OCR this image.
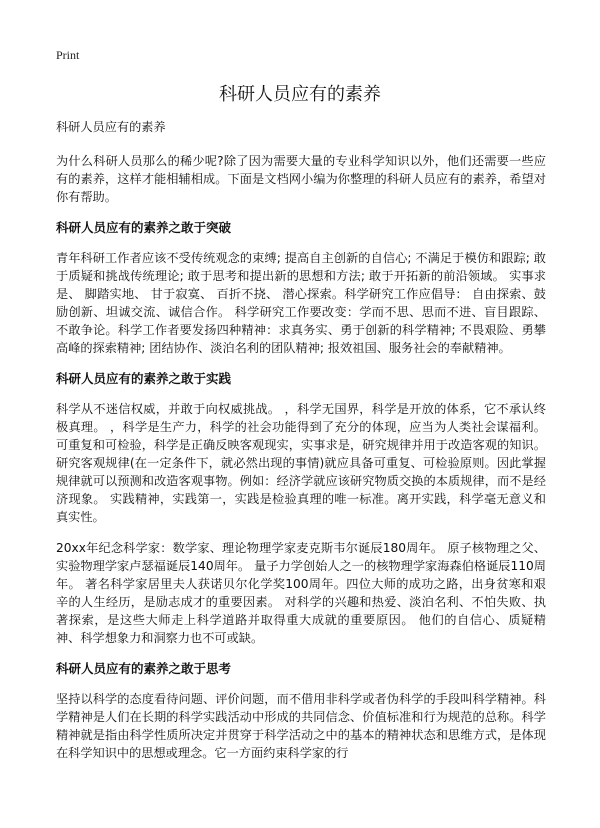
Print
科研人员应有的素养

科研人员应有的素养

为什么科研人员那么的稀少呢?除了因为需要大量的专业科学知识以外，他们还需要一些应有的素养，这样才能相辅相成。下面是文档网小编为你整理的科研人员应有的素养，希望对你有帮助。

科研人员应有的素养之敢于突破

青年科研工作者应该不受传统观念的束缚; 提高自主创新的自信心; 不满足于模仿和跟踪; 敢于质疑和挑战传统理论; 敢于思考和提出新的思想和方法; 敢于开拓新的前沿领域。 实事求是、 脚踏实地、 甘于寂寞、 百折不挠、 潜心探索。科学研究工作应倡导： 自由探索、鼓励创新、坦诚交流、诚信合作。 科学研究工作要改变：学而不思、思而不进、盲目跟踪、不敢争论。科学工作者要发扬四种精神：求真务实、勇于创新的科学精神; 不畏艰险、勇攀高峰的探索精神; 团结协作、淡泊名利的团队精神; 报效祖国、服务社会的奉献精神。

科研人员应有的素养之敢于实践

科学从不迷信权威，并敢于向权威挑战。 ，科学无国界，科学是开放的体系，它不承认终极真理。 ，科学是生产力，科学的社会功能得到了充分的体现，应当为人类社会谋福利。 可重复和可检验，科学是正确反映客观现实，实事求是，研究规律并用于改造客观的知识。研究客观规律(在一定条件下，就必然出现的事情)就应具备可重复、可检验原则。因此掌握规律就可以预测和改造客观事物。例如：经济学就应该研究物质交换的本质规律，而不是经济现象。 实践精神，实践第一，实践是检验真理的唯一标准。离开实践，科学毫无意义和真实性。

20xx年纪念科学家：数学家、理论物理学家麦克斯韦尔诞辰180周年。 原子核物理之父、实验物理学家卢瑟福诞辰140周年。 量子力学创始人之一的核物理学家海森伯格诞辰110周年。 著名科学家居里夫人获诺贝尔化学奖100周年。四位大师的成功之路，出身贫寒和艰辛的人生经历，是励志成才的重要因素。 对科学的兴趣和热爱、淡泊名利、不怕失败、执著探索，是这些大师走上科学道路并取得重大成就的重要原因。 他们的自信心、质疑精神、科学想象力和洞察力也不可或缺。

科研人员应有的素养之敢于思考

坚持以科学的态度看待问题、评价问题，而不借用非科学或者伪科学的手段叫科学精神。科学精神是人们在长期的科学实践活动中形成的共同信念、价值标准和行为规范的总称。科学精神就是指由科学性质所决定并贯穿于科学活动之中的基本的精神状态和思维方式，是体现在科学知识中的思想或理念。它一方面约束科学家的行
